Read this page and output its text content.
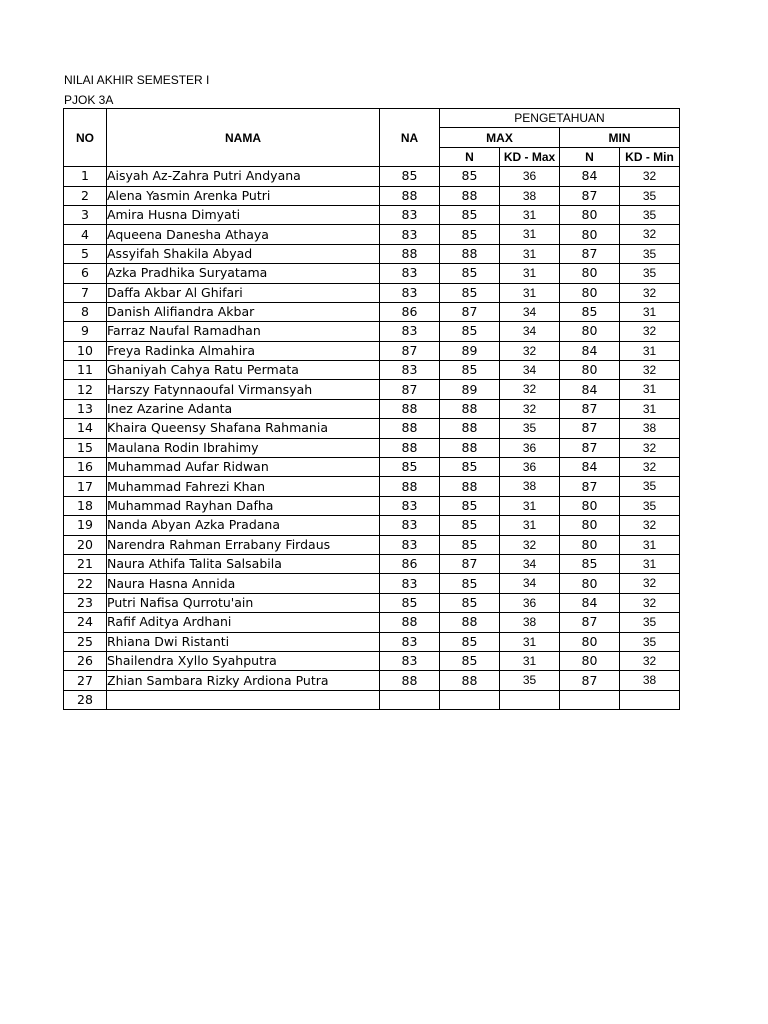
NILAI AKHIR SEMESTER I
PJOK 3A
NO	NAMA	NA	PENGETAHUAN			
			MAX		MIN	
			N	KD - Max	N	KD - Min
1	Aisyah Az-Zahra Putri Andyana	85	85	36	84	32
2	Alena Yasmin Arenka Putri	88	88	38	87	35
3	Amira Husna Dimyati	83	85	31	80	35
4	Aqueena Danesha Athaya	83	85	31	80	32
5	Assyifah Shakila Abyad	88	88	31	87	35
6	Azka Pradhika Suryatama	83	85	31	80	35
7	Daffa Akbar Al Ghifari	83	85	31	80	32
8	Danish Alifiandra Akbar	86	87	34	85	31
9	Farraz Naufal Ramadhan	83	85	34	80	32
10	Freya Radinka Almahira	87	89	32	84	31
11	Ghaniyah Cahya Ratu Permata	83	85	34	80	32
12	Harszy Fatynnaoufal Virmansyah	87	89	32	84	31
13	Inez Azarine Adanta	88	88	32	87	31
14	Khaira Queensy Shafana Rahmania	88	88	35	87	38
15	Maulana Rodin Ibrahimy	88	88	36	87	32
16	Muhammad Aufar Ridwan	85	85	36	84	32
17	Muhammad Fahrezi Khan	88	88	38	87	35
18	Muhammad Rayhan Dafha	83	85	31	80	35
19	Nanda Abyan Azka Pradana	83	85	31	80	32
20	Narendra Rahman Errabany Firdaus	83	85	32	80	31
21	Naura Athifa Talita Salsabila	86	87	34	85	31
22	Naura Hasna Annida	83	85	34	80	32
23	Putri Nafisa Qurrotu'ain	85	85	36	84	32
24	Rafif Aditya Ardhani	88	88	38	87	35
25	Rhiana Dwi Ristanti	83	85	31	80	35
26	Shailendra Xyllo Syahputra	83	85	31	80	32
27	Zhian Sambara Rizky Ardiona Putra	88	88	35	87	38
28						
